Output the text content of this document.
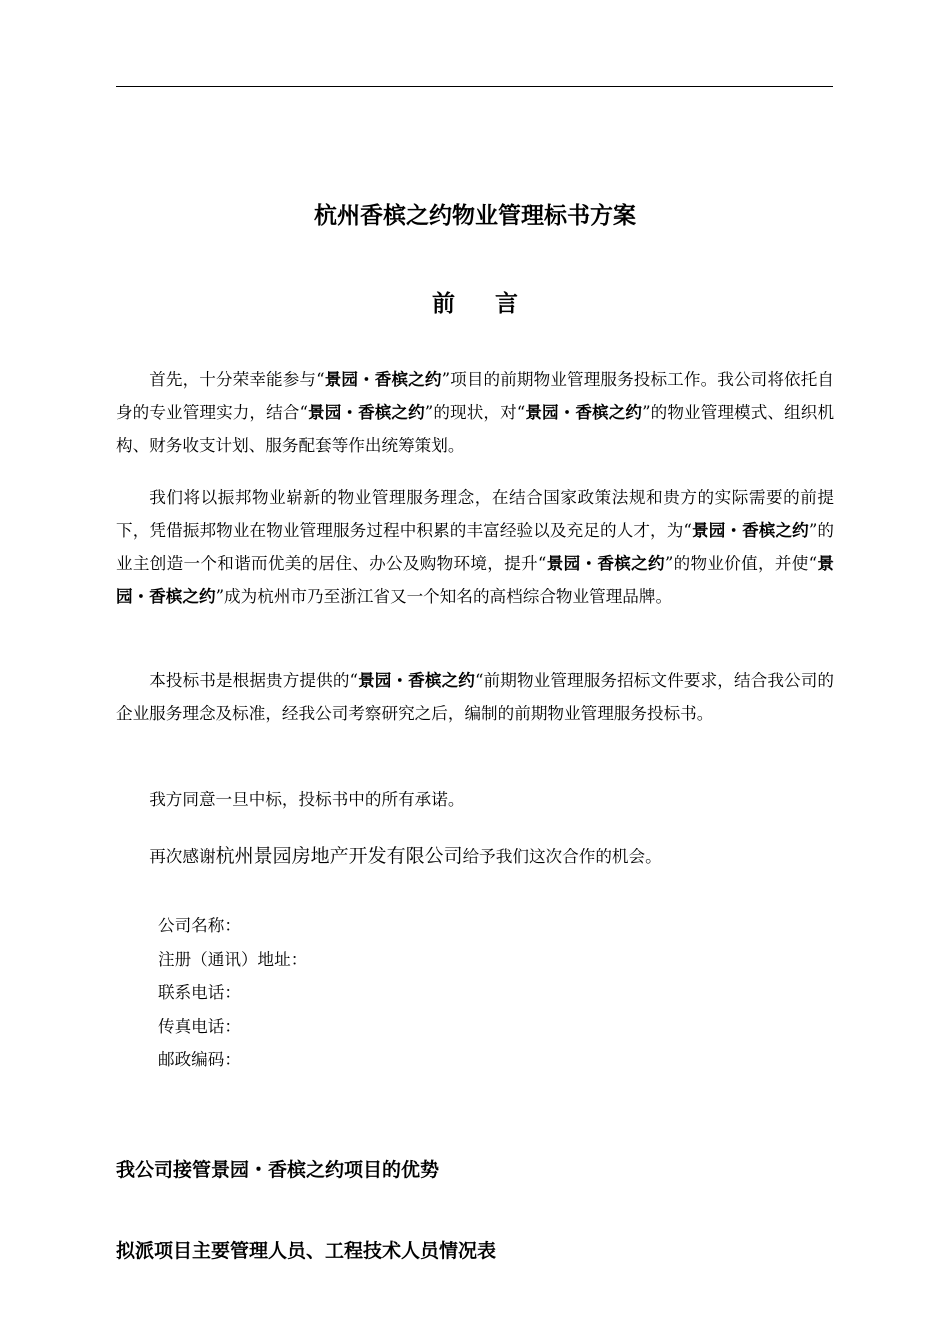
杭州香槟之约物业管理标书方案
前 言
首先，十分荣幸能参与“景园・香槟之约”项目的前期物业管理服务投标工作。我公司将依托自身的专业管理实力，结合“景园・香槟之约”的现状，对“景园・香槟之约”的物业管理模式、组织机构、财务收支计划、服务配套等作出统筹策划。
我们将以振邦物业崭新的物业管理服务理念，在结合国家政策法规和贵方的实际需要的前提下，凭借振邦物业在物业管理服务过程中积累的丰富经验以及充足的人才，为“景园・香槟之约”的业主创造一个和谐而优美的居住、办公及购物环境，提升“景园・香槟之约”的物业价值，并使“景园・香槟之约”成为杭州市乃至浙江省又一个知名的高档综合物业管理品牌。
本投标书是根据贵方提供的“景园・香槟之约“前期物业管理服务招标文件要求，结合我公司的企业服务理念及标准，经我公司考察研究之后，编制的前期物业管理服务投标书。
我方同意一旦中标，投标书中的所有承诺。
再次感谢杭州景园房地产开发有限公司给予我们这次合作的机会。
公司名称：
注册（通讯）地址：
联系电话：
传真电话：
邮政编码：
我公司接管景园・香槟之约项目的优势
拟派项目主要管理人员、工程技术人员情况表
